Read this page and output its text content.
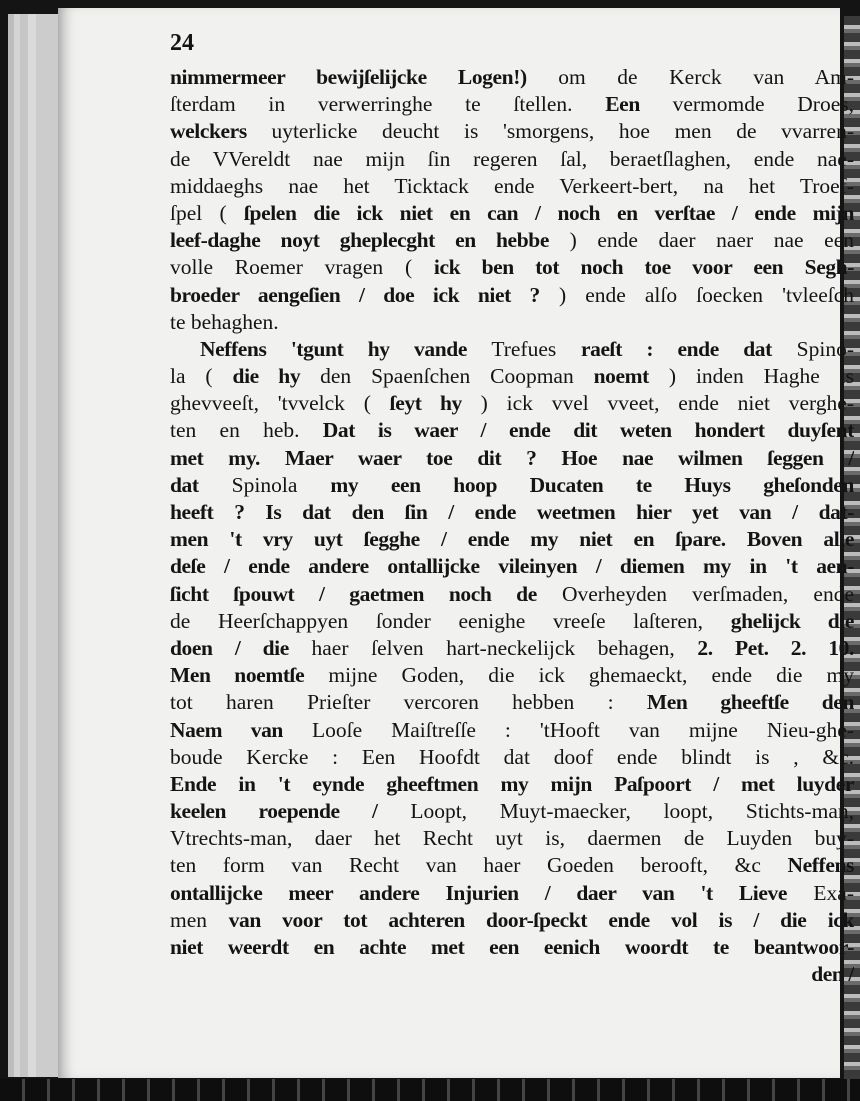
24
nimmermeer bewijſelijcke Logen!) om de Kerck van Am-
ſterdam in verwerringhe te ſtellen. Een vermomde Droes,
welckers uyterlicke deucht is 'smorgens, hoe men de vvarren-
de VVereldt nae mijn ſin regeren ſal, beraetſlaghen, ende nae-
middaeghs nae het Ticktack ende Verkeert-bert, na het Troef-
ſpel ( ſpelen die ick niet en can / noch en verſtae / ende mijn
leef-daghe noyt gheplecght en hebbe ) ende daer naer nae een
volle Roemer vragen ( ick ben tot noch toe voor een Segh-
broeder aengeſien / doe ick niet ? ) ende alſo ſoecken 'tvleeſch
te behaghen.
Neffens 'tgunt hy vande Trefues raeſt : ende dat Spino-
la ( die hy den Spaenſchen Coopman noemt ) inden Haghe is
ghevveeſt, 'tvvelck ( ſeyt hy ) ick vvel vveet, ende niet verghe-
ten en heb. Dat is waer / ende dit weten hondert duyſent
met my. Maer waer toe dit ? Hoe nae wilmen ſeggen /
dat Spinola my een hoop Ducaten te Huys gheſonden
heeft ? Is dat den ſin / ende weetmen hier yet van / dat-
men 't vry uyt ſegghe / ende my niet en ſpare. Boven alle
deſe / ende andere ontallijcke vileinyen / diemen my in 't aen-
ſicht ſpouwt / gaetmen noch de Overheyden verſmaden, ende
de Heerſchappyen ſonder eenighe vreeſe laſteren, ghelijck die
doen / die haer ſelven hart-neckelijck behagen, 2. Pet. 2. 10.
Men noemtſe mijne Goden, die ick ghemaeckt, ende die my
tot haren Prieſter vercoren hebben : Men gheeftſe den
Naem van Looſe Maiſtreſſe : 'tHooft van mijne Nieu-ghe-
boude Kercke : Een Hoofdt dat doof ende blindt is , &c.
Ende in 't eynde gheeftmen my mijn Paſpoort / met luyder
keelen roepende / Loopt, Muyt-maecker, loopt, Stichts-man,
Vtrechts-man, daer het Recht uyt is, daermen de Luyden buy-
ten form van Recht van haer Goeden berooft, &c Neffens
ontallijcke meer andere Injurien / daer van 't Lieve Exa-
men van voor tot achteren door-ſpeckt ende vol is / die ick
niet weerdt en achte met een eenich woordt te beantwoor-
den /
